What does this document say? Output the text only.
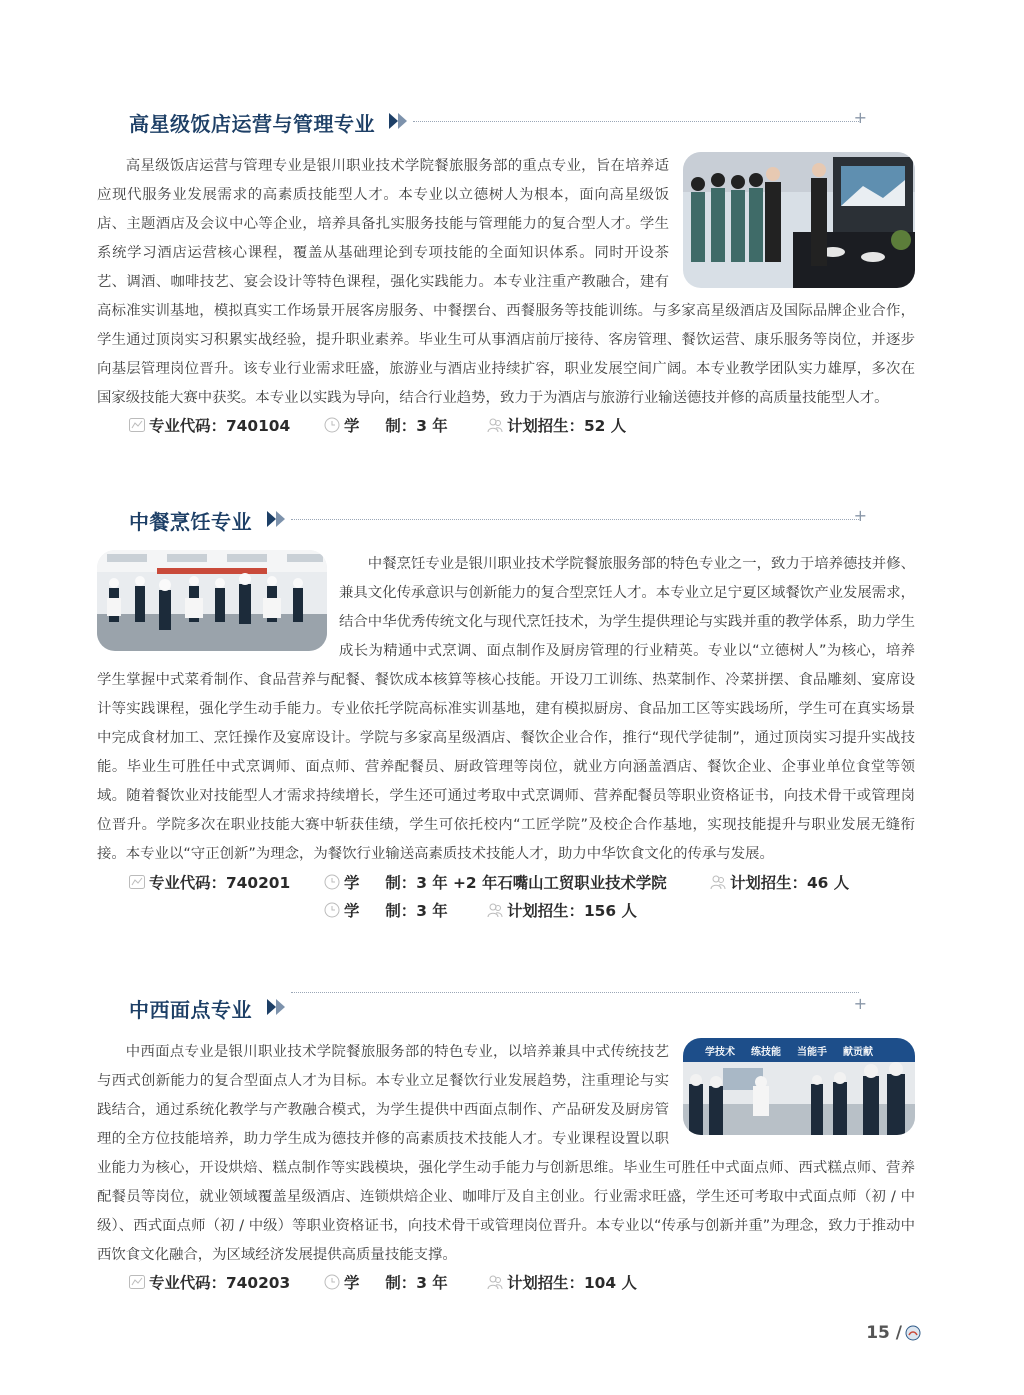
高星级饭店运营与管理专业	+

高星级饭店运营与管理专业是银川职业技术学院餐旅服务部的重点专业，旨在培养适应现代服务业发展需求的高素质技能型人才。本专业以立德树人为根本，面向高星级饭店、主题酒店及会议中心等企业，培养具备扎实服务技能与管理能力的复合型人才。学生系统学习酒店运营核心课程，覆盖从基础理论到专项技能的全面知识体系。同时开设茶艺、调酒、咖啡技艺、宴会设计等特色课程，强化实践能力。本专业注重产教融合，建有高标准实训基地，模拟真实工作场景开展客房服务、中餐摆台、西餐服务等技能训练。与多家高星级酒店及国际品牌企业合作，学生通过顶岗实习积累实战经验，提升职业素养。毕业生可从事酒店前厅接待、客房管理、餐饮运营、康乐服务等岗位，并逐步向基层管理岗位晋升。该专业行业需求旺盛，旅游业与酒店业持续扩容，职业发展空间广阔。本专业教学团队实力雄厚，多次在国家级技能大赛中获奖。本专业以实践为导向，结合行业趋势，致力于为酒店与旅游行业输送德技并修的高质量技能型人才。

专业代码：740104	学 制：3 年	计划招生：52 人
中餐烹饪专业	+

中餐烹饪专业是银川职业技术学院餐旅服务部的特色专业之一，致力于培养德技并修、兼具文化传承意识与创新能力的复合型烹饪人才。本专业立足宁夏区域餐饮产业发展需求，结合中华优秀传统文化与现代烹饪技术，为学生提供理论与实践并重的教学体系，助力学生成长为精通中式烹调、面点制作及厨房管理的行业精英。专业以“立德树人”为核心，培养学生掌握中式菜肴制作、食品营养与配餐、餐饮成本核算等核心技能。开设刀工训练、热菜制作、冷菜拼摆、食品雕刻、宴席设计等实践课程，强化学生动手能力。专业依托学院高标准实训基地，建有模拟厨房、食品加工区等实践场所，学生可在真实场景中完成食材加工、烹饪操作及宴席设计。学院与多家高星级酒店、餐饮企业合作，推行“现代学徒制”，通过顶岗实习提升实战技能。毕业生可胜任中式烹调师、面点师、营养配餐员、厨政管理等岗位，就业方向涵盖酒店、餐饮企业、企事业单位食堂等领域。随着餐饮业对技能型人才需求持续增长，学生还可通过考取中式烹调师、营养配餐员等职业资格证书，向技术骨干或管理岗位晋升。学院多次在职业技能大赛中斩获佳绩，学生可依托校内“工匠学院”及校企合作基地，实现技能提升与职业发展无缝衔接。本专业以“守正创新”为理念，为餐饮行业输送高素质技术技能人才，助力中华饮食文化的传承与发展。

专业代码：740201	学 制：3 年 +2 年石嘴山工贸职业技术学院	计划招生：46 人
学 制：3 年	计划招生：156 人
中西面点专业	+
学技术 练技能 当能手 献贡献

中西面点专业是银川职业技术学院餐旅服务部的特色专业，以培养兼具中式传统技艺与西式创新能力的复合型面点人才为目标。本专业立足餐饮行业发展趋势，注重理论与实践结合，通过系统化教学与产教融合模式，为学生提供中西面点制作、产品研发及厨房管理的全方位技能培养，助力学生成为德技并修的高素质技术技能人才。专业课程设置以职业能力为核心，开设烘焙、糕点制作等实践模块，强化学生动手能力与创新思维。毕业生可胜任中式面点师、西式糕点师、营养配餐员等岗位，就业领域覆盖星级酒店、连锁烘焙企业、咖啡厅及自主创业。行业需求旺盛，学生还可考取中式面点师（初 / 中级）、西式面点师（初 / 中级）等职业资格证书，向技术骨干或管理岗位晋升。本专业以“传承与创新并重”为理念，致力于推动中西饮食文化融合，为区域经济发展提供高质量技能支撑。

专业代码：740203	学 制：3 年	计划招生：104 人
15 /
